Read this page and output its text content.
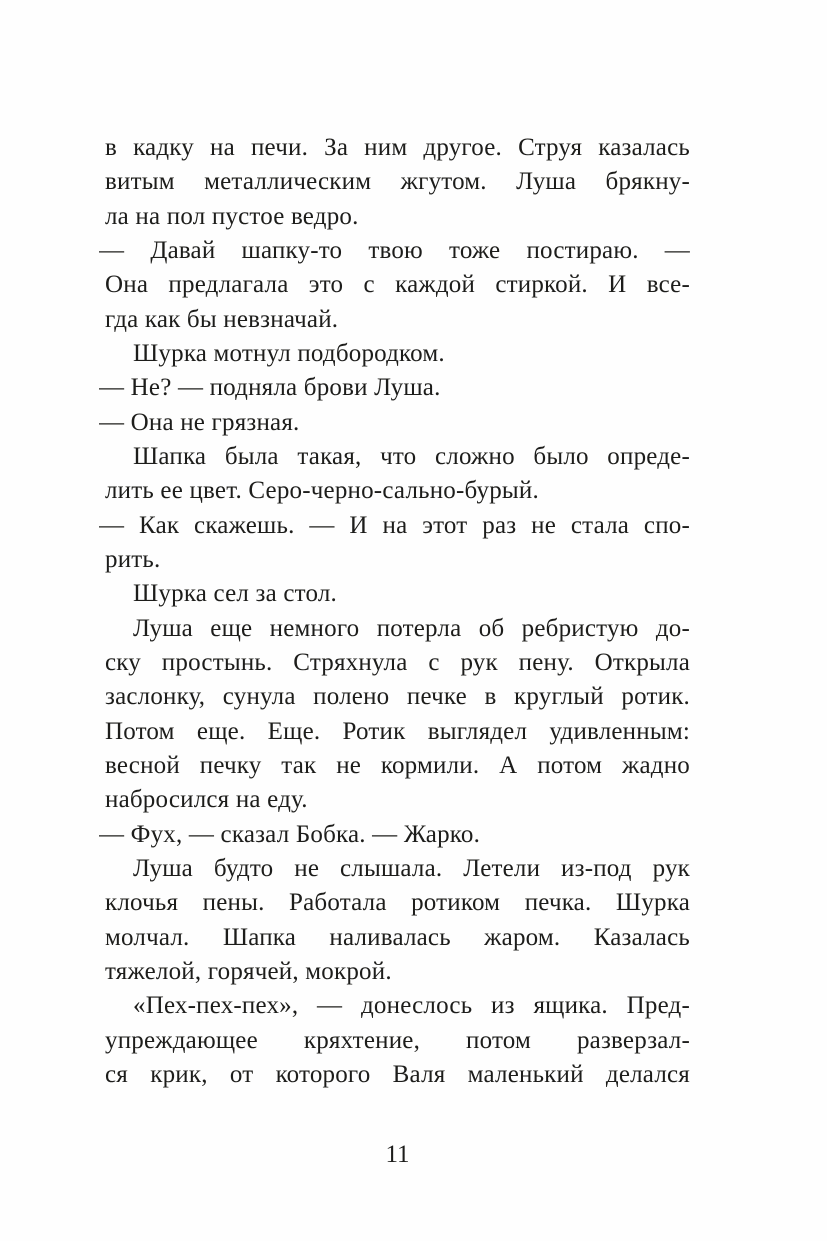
в кадку на печи. За ним другое. Струя казалась
витым металлическим жгутом. Луша брякну-
ла на пол пустое ведро.
— Давай шапку-то твою тоже постираю. —
Она предлагала это с каждой стиркой. И все-
гда как бы невзначай.
Шурка мотнул подбородком.
— Не? — подняла брови Луша.
— Она не грязная.
Шапка была такая, что сложно было опреде-
лить ее цвет. Серо-черно-сально-бурый.
— Как скажешь. — И на этот раз не стала спо-
рить.
Шурка сел за стол.
Луша еще немного потерла об ребристую до-
ску простынь. Стряхнула с рук пену. Открыла
заслонку, сунула полено печке в круглый ротик.
Потом еще. Еще. Ротик выглядел удивленным:
весной печку так не кормили. А потом жадно
набросился на еду.
— Фух, — сказал Бобка. — Жарко.
Луша будто не слышала. Летели из-под рук
клочья пены. Работала ротиком печка. Шурка
молчал. Шапка наливалась жаром. Казалась
тяжелой, горячей, мокрой.
«Пех-пех-пех», — донеслось из ящика. Пред-
упреждающее кряхтение, потом разверзал-
ся крик, от которого Валя маленький делался
11
